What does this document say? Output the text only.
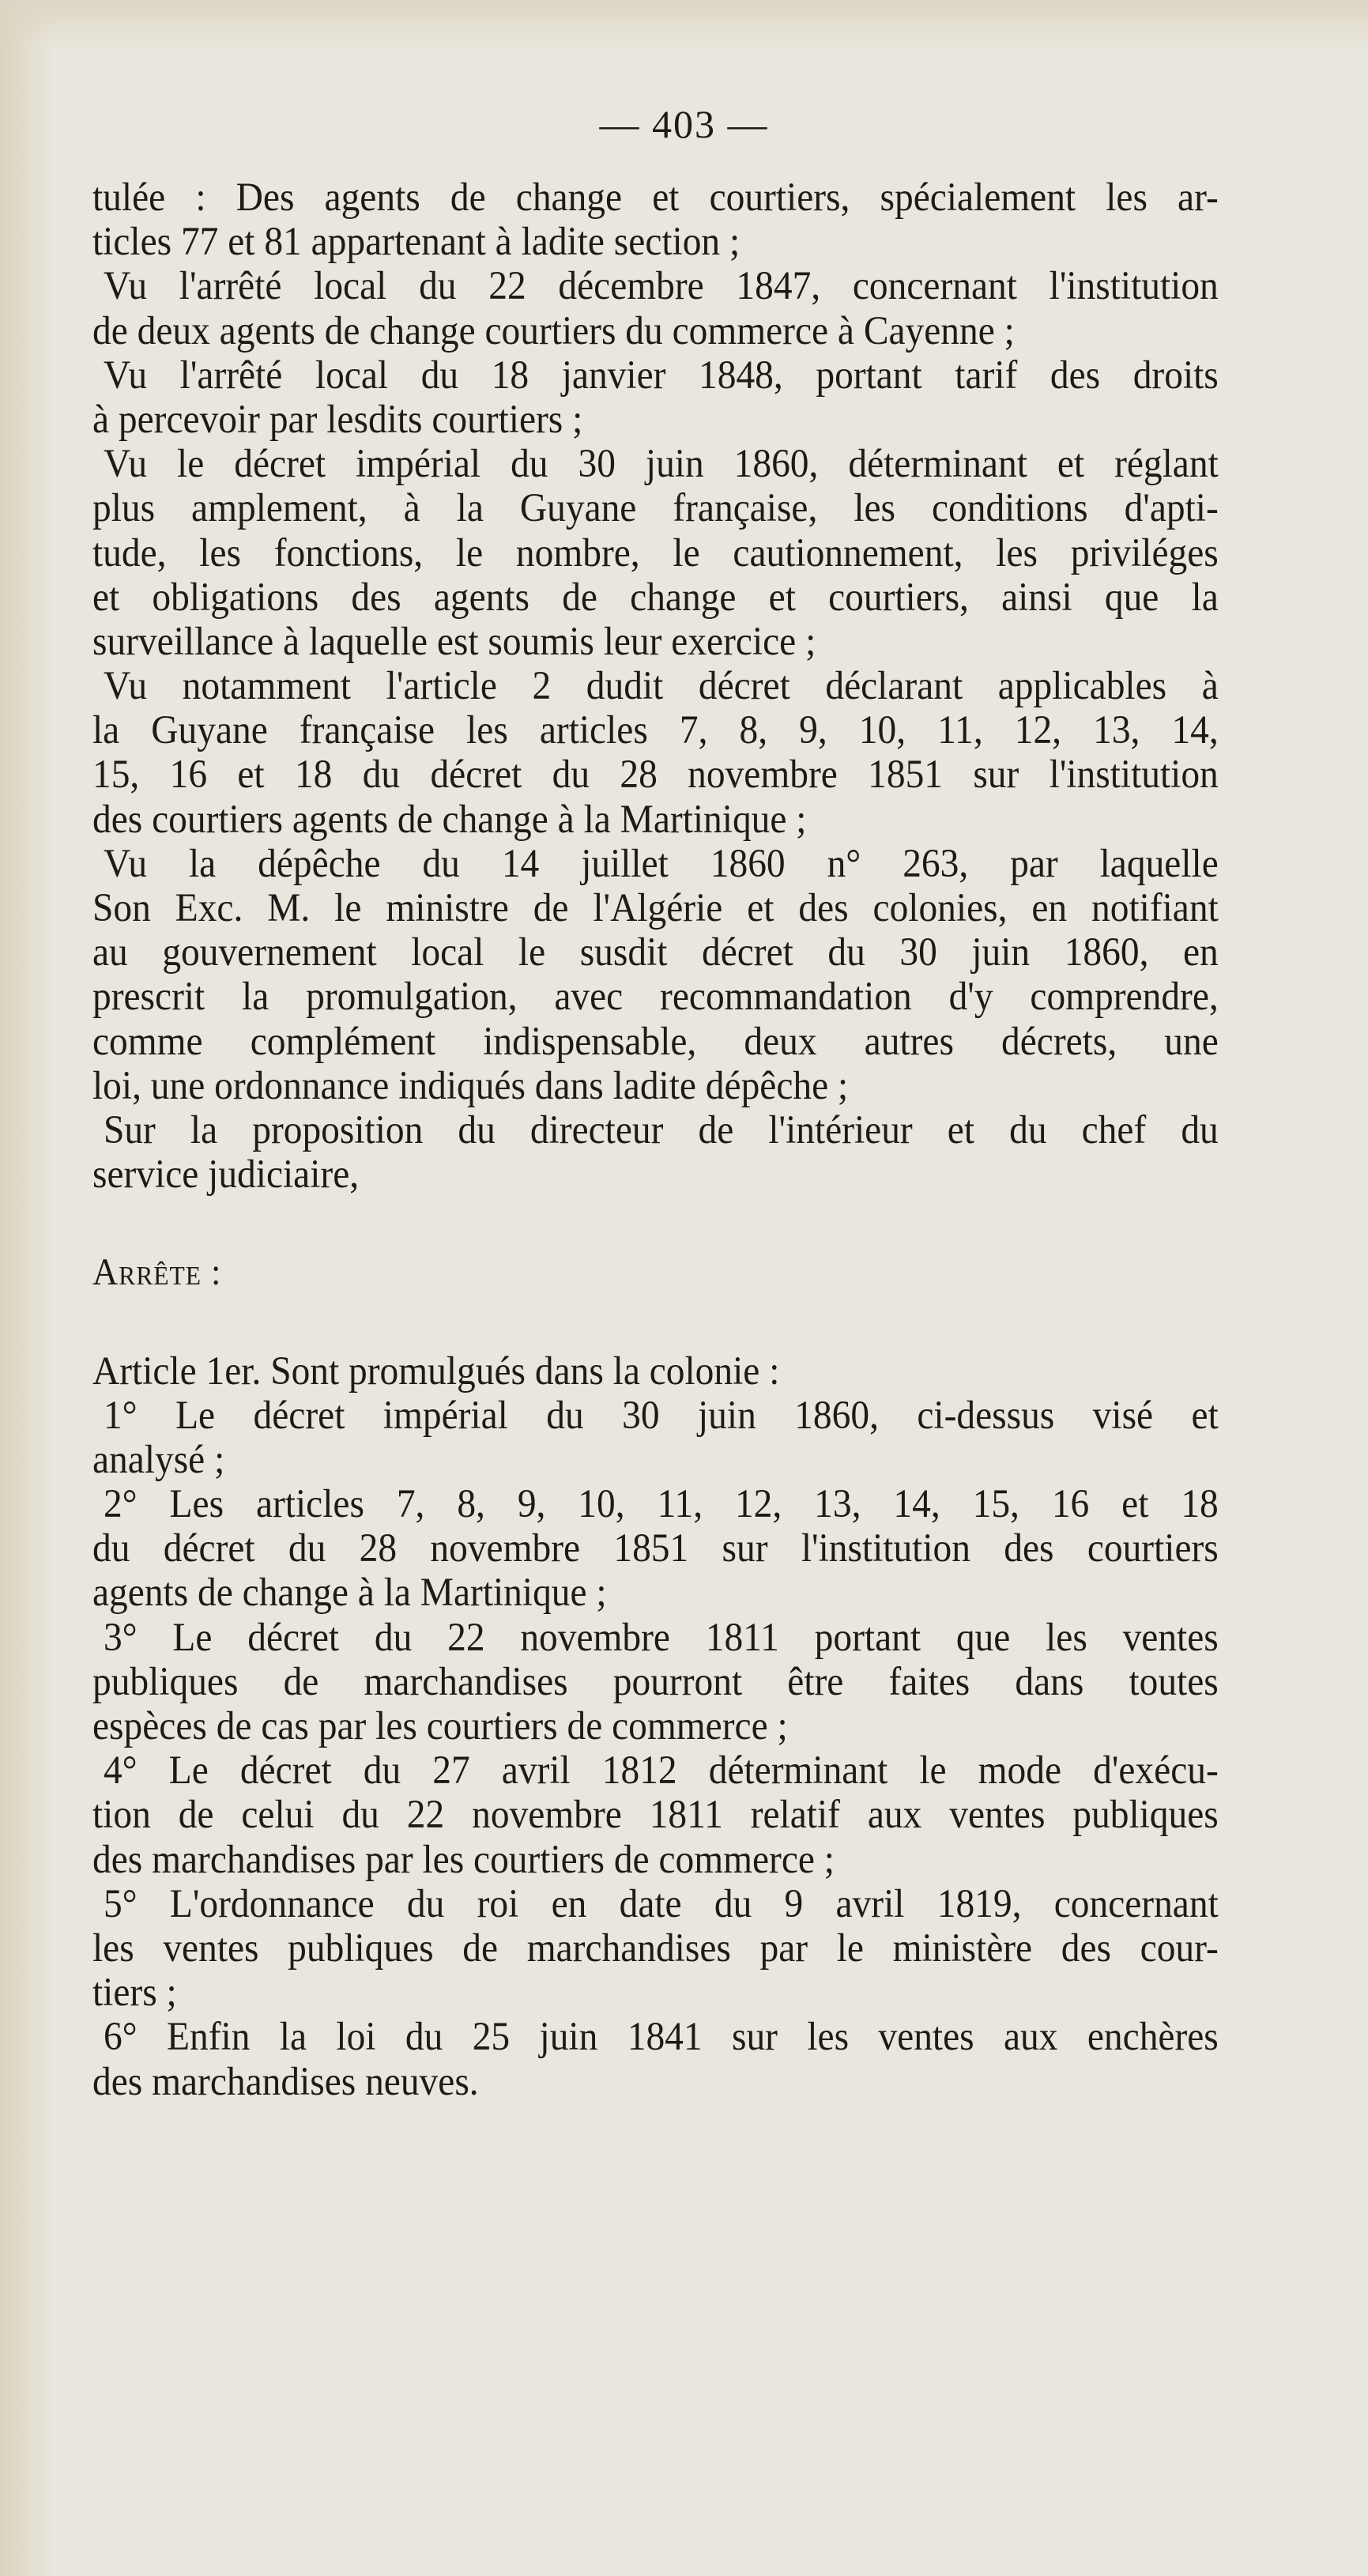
— 403 —
tulée : Des agents de change et courtiers, spécialement les ar-
ticles 77 et 81 appartenant à ladite section ;
Vu l'arrêté local du 22 décembre 1847, concernant l'institution
de deux agents de change courtiers du commerce à Cayenne ;
Vu l'arrêté local du 18 janvier 1848, portant tarif des droits
à percevoir par lesdits courtiers ;
Vu le décret impérial du 30 juin 1860, déterminant et réglant
plus amplement, à la Guyane française, les conditions d'apti-
tude, les fonctions, le nombre, le cautionnement, les priviléges
et obligations des agents de change et courtiers, ainsi que la
surveillance à laquelle est soumis leur exercice ;
Vu notamment l'article 2 dudit décret déclarant applicables à
la Guyane française les articles 7, 8, 9, 10, 11, 12, 13, 14,
15, 16 et 18 du décret du 28 novembre 1851 sur l'institution
des courtiers agents de change à la Martinique ;
Vu la dépêche du 14 juillet 1860 n° 263, par laquelle
Son Exc. M. le ministre de l'Algérie et des colonies, en notifiant
au gouvernement local le susdit décret du 30 juin 1860, en
prescrit la promulgation, avec recommandation d'y comprendre,
comme complément indispensable, deux autres décrets, une
loi, une ordonnance indiqués dans ladite dépêche ;
Sur la proposition du directeur de l'intérieur et du chef du
service judiciaire,
Arrête :
Article 1er. Sont promulgués dans la colonie :
1° Le décret impérial du 30 juin 1860, ci-dessus visé et
analysé ;
2° Les articles 7, 8, 9, 10, 11, 12, 13, 14, 15, 16 et 18
du décret du 28 novembre 1851 sur l'institution des courtiers
agents de change à la Martinique ;
3° Le décret du 22 novembre 1811 portant que les ventes
publiques de marchandises pourront être faites dans toutes
espèces de cas par les courtiers de commerce ;
4° Le décret du 27 avril 1812 déterminant le mode d'exécu-
tion de celui du 22 novembre 1811 relatif aux ventes publiques
des marchandises par les courtiers de commerce ;
5° L'ordonnance du roi en date du 9 avril 1819, concernant
les ventes publiques de marchandises par le ministère des cour-
tiers ;
6° Enfin la loi du 25 juin 1841 sur les ventes aux enchères
des marchandises neuves.
